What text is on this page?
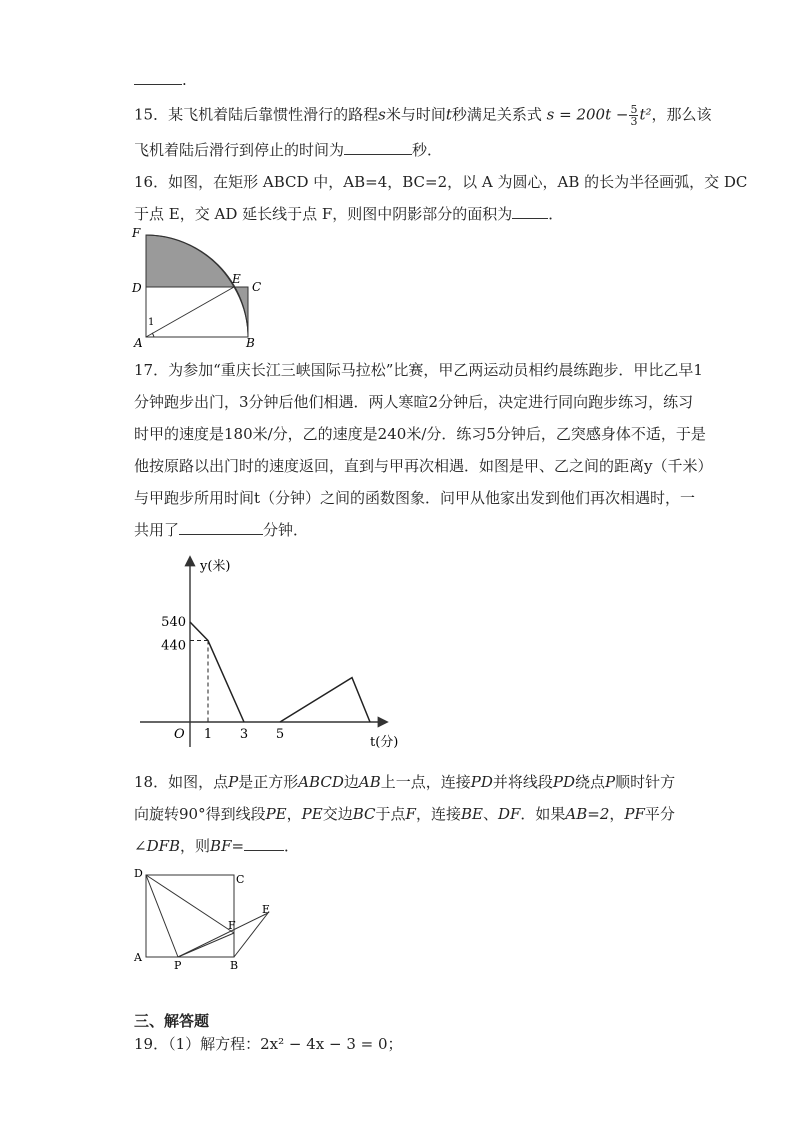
.
15．某飞机着陆后靠惯性滑行的路程s米与时间t秒满足关系式 $s = 200t - \frac{5}{3} t^2$，那么该
飞机着陆后滑行到停止的时间为	秒．
16．如图，在矩形 ABCD 中，AB=4，BC=2，以 A 为圆心，AB 的长为半径画弧，交 DC
于点 E，交 AD 延长线于点 F，则图中阴影部分的面积为 ．
F
E
D	C
A	B
1
17．为参加“重庆长江三峡国际马拉松”比赛，甲乙两运动员相约晨练跑步．甲比乙早1
分钟跑步出门，3分钟后他们相遇．两人寒暄2分钟后，决定进行同向跑步练习，练习
时甲的速度是180米/分，乙的速度是240米/分．练习5分钟后，乙突感身体不适，于是
他按原路以出门时的速度返回，直到与甲再次相遇．如图是甲、乙之间的距离y（千米）
与甲跑步所用时间t（分钟）之间的函数图象．问甲从他家出发到他们再次相遇时，一
共用了	分钟．
y(米)
t(分)
O
540
440
1 3 5
18．如图，点P是正方形ABCD边AB上一点，连接PD并将线段PD绕点P顺时针方
向旋转90°得到线段PE，PE交边BC于点F，连接BE、DF．如果AB=2，PF平分
∠DFB，则BF=	．
D	C
A
B
P
F
E
三、解答题
19．（1）解方程：2x² − 4x − 3 = 0；
